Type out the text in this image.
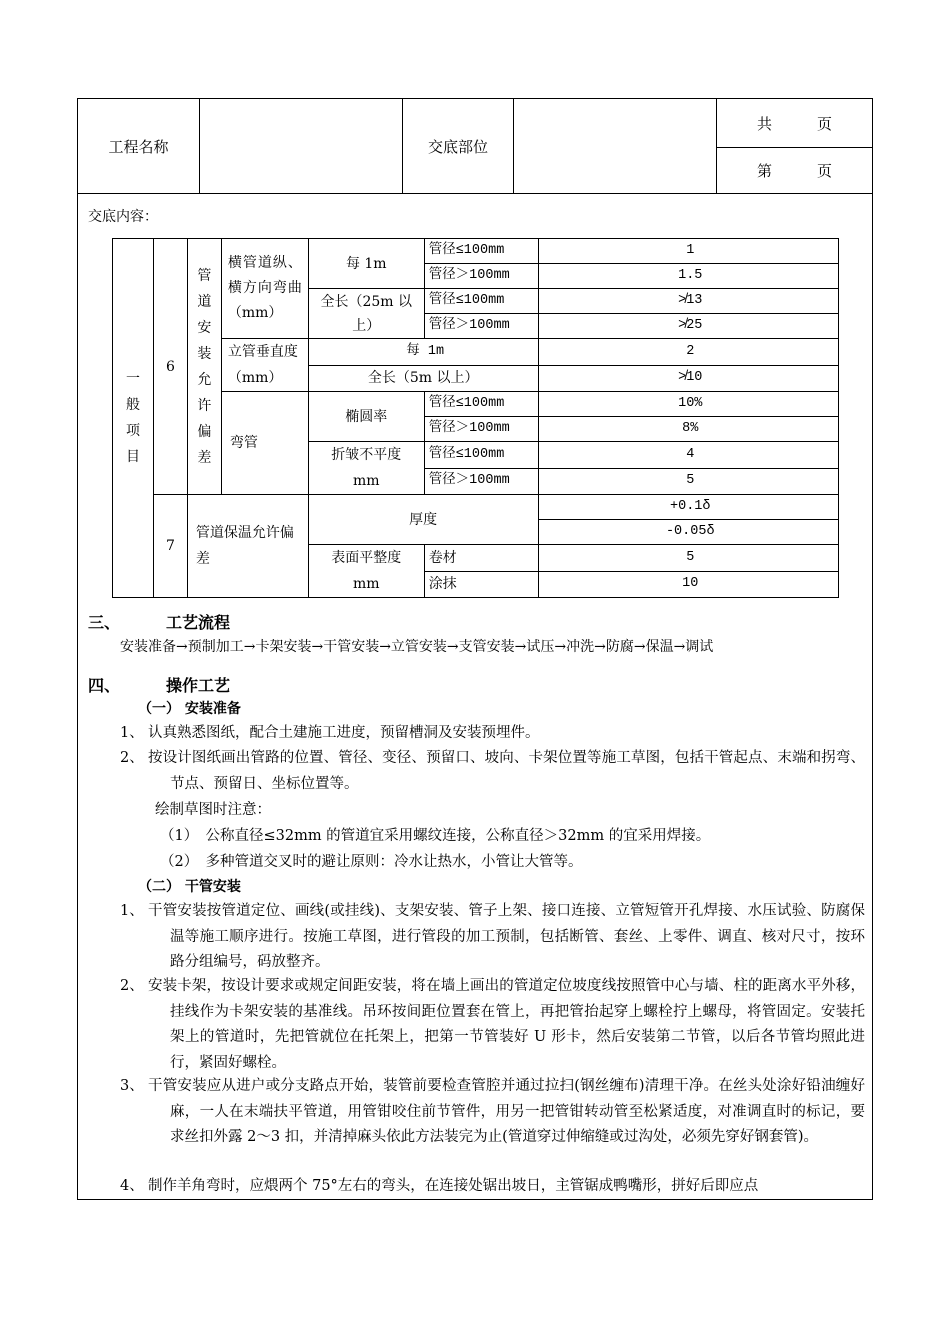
工程名称		交底部位		共　　　页
第　　　页
交底内容：
一般项目	6	管道安装允许偏差	横管道纵、横方向弯曲（mm）	每 1m	管径≤100mm	1
					管径＞100mm	1.5
				全长（25m 以上）	管径≤100mm	≯13
					管径＞100mm	≯25
			立管垂直度（mm）	每 1m		2
				全长（5m 以上）		≯10
			弯管	椭圆率	管径≤100mm	10%
					管径＞100mm	8%
				折皱不平度 mm	管径≤100mm	4
					管径＞100mm	5
	7	管道保温允许偏差		厚度		+0.1δ
						-0.05δ
				表面平整度 mm	卷材	5
					涂抹	10
三、	工艺流程
安装准备→预制加工→卡架安装→干管安装→立管安装→支管安装→试压→冲洗→防腐→保温→调试
四、	操作工艺
（一） 安装准备
1、 认真熟悉图纸，配合土建施工进度，预留槽洞及安装预埋件。
2、 按设计图纸画出管路的位置、管径、变径、预留口、坡向、卡架位置等施工草图，包括干管起点、末端和拐弯、节点、预留日、坐标位置等。
绘制草图时注意：
（1）　公称直径≤32mm 的管道宜采用螺纹连接，公称直径＞32mm 的宜采用焊接。
（2）　多种管道交叉时的避让原则：冷水让热水，小管让大管等。
（二） 干管安装
1、 干管安装按管道定位、画线(或挂线)、支架安装、管子上架、接口连接、立管短管开孔焊接、水压试验、防腐保温等施工顺序进行。按施工草图，进行管段的加工预制，包括断管、套丝、上零件、调直、核对尺寸，按环路分组编号，码放整齐。
2、 安装卡架，按设计要求或规定间距安装，将在墙上画出的管道定位坡度线按照管中心与墙、柱的距离水平外移，挂线作为卡架安装的基准线。吊环按间距位置套在管上，再把管抬起穿上螺栓拧上螺母，将管固定。安装托架上的管道时，先把管就位在托架上，把第一节管装好 U 形卡，然后安装第二节管，以后各节管均照此进行，紧固好螺栓。
3、 干管安装应从进户或分支路点开始，装管前要检查管腔并通过拉扫(钢丝缠布)清理干净。在丝头处涂好铅油缠好麻，一人在末端扶平管道，用管钳咬住前节管件，用另一把管钳转动管至松紧适度，对准调直时的标记，要求丝扣外露 2～3 扣，并清掉麻头依此方法装完为止(管道穿过伸缩缝或过沟处，必须先穿好钢套管)。
4、 制作羊角弯时，应煨两个 75°左右的弯头，在连接处锯出坡日，主管锯成鸭嘴形，拼好后即应点
